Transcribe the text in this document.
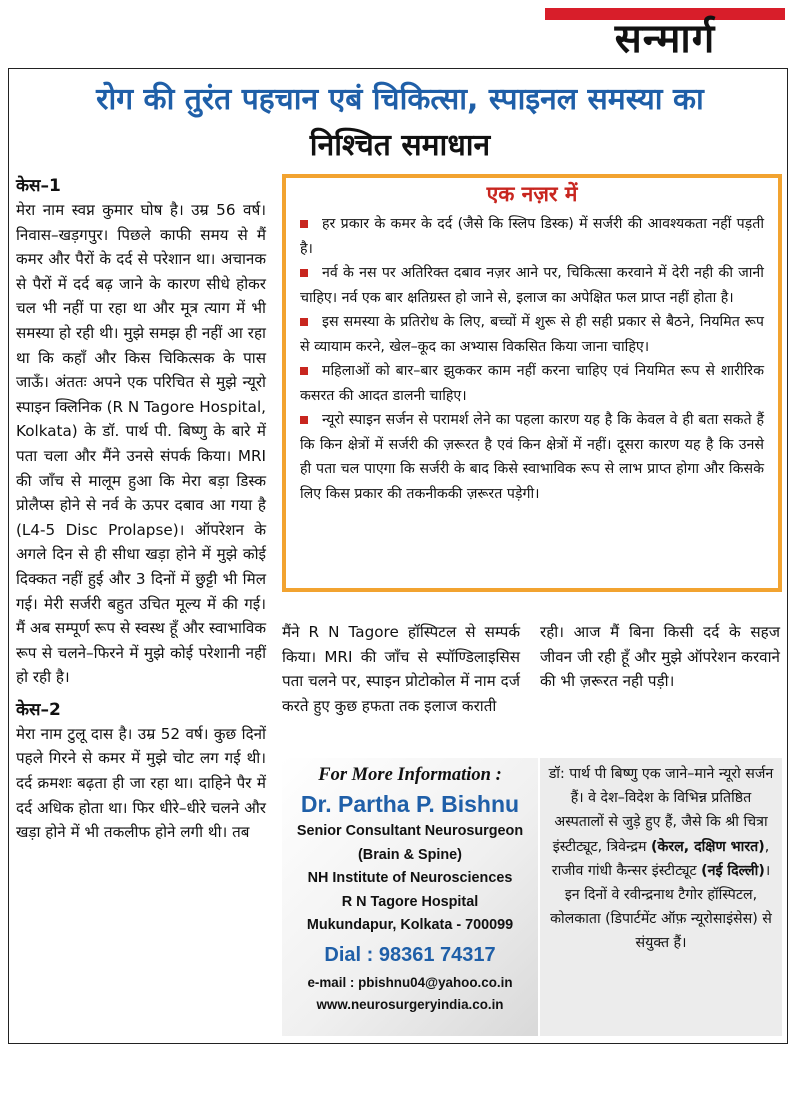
सन्मार्ग
रोग की तुरंत पहचान एबं चिकित्सा, स्पाइनल समस्या का
निश्चित समाधान

केस–1

मेरा नाम स्वप्न कुमार घोष है। उम्र 56 वर्ष। निवास–खड़गपुर। पिछले काफी समय से मैं कमर और पैरों के दर्द से परेशान था। अचानक से पैरों में दर्द बढ़ जाने के कारण सीधे होकर चल भी नहीं पा रहा था और मूत्र त्याग में भी समस्या हो रही थी। मुझे समझ ही नहीं आ रहा था कि कहाँ और किस चिकित्सक के पास जाऊँ। अंततः अपने एक परिचित से मुझे न्यूरो स्पाइन क्लिनिक (R N Tagore Hospital, Kolkata) के डॉ. पार्थ पी. बिष्णु के बारे में पता चला और मैंने उनसे संपर्क किया। MRI की जाँच से मालूम हुआ कि मेरा बड़ा डिस्क प्रोलैप्स होने से नर्व के ऊपर दबाव आ गया है (L4-5 Disc Prolapse)। ऑपरेशन के अगले दिन से ही सीधा खड़ा होने में मुझे कोई दिक्कत नहीं हुई और 3 दिनों में छुट्टी भी मिल गई। मेरी सर्जरी बहुत उचित मूल्य में की गई। मैं अब सम्पूर्ण रूप से स्वस्थ हूँ और स्वाभाविक रूप से चलने–फिरने में मुझे कोई परेशानी नहीं हो रही है।

केस–2

मेरा नाम टुलू दास है। उम्र 52 वर्ष। कुछ दिनों पहले गिरने से कमर में मुझे चोट लग गई थी। दर्द क्रमशः बढ़ता ही जा रहा था। दाहिने पैर में दर्द अधिक होता था। फिर धीरे–धीरे चलने और खड़ा होने में भी तकलीफ होने लगी थी। तब

एक नज़र में
हर प्रकार के कमर के दर्द (जैसे कि स्लिप डिस्क) में सर्जरी की आवश्यकता नहीं पड़ती है।
नर्व के नस पर अतिरिक्त दबाव नज़र आने पर, चिकित्सा करवाने में देरी नही की जानी चाहिए। नर्व एक बार क्षतिग्रस्त हो जाने से, इलाज का अपेक्षित फल प्राप्त नहीं होता है।
इस समस्या के प्रतिरोध के लिए, बच्चों में शुरू से ही सही प्रकार से बैठने, नियमित रूप से व्यायाम करने, खेल–कूद का अभ्यास विकसित किया जाना चाहिए।
महिलाओं को बार–बार झुककर काम नहीं करना चाहिए एवं नियमित रूप से शारीरिक कसरत की आदत डालनी चाहिए।
न्यूरो स्पाइन सर्जन से परामर्श लेने का पहला कारण यह है कि केवल वे ही बता सकते हैं कि किन क्षेत्रों में सर्जरी की ज़रूरत है एवं किन क्षेत्रों में नहीं। दूसरा कारण यह है कि उनसे ही पता चल पाएगा कि सर्जरी के बाद किसे स्वाभाविक रूप से लाभ प्राप्त होगा और किसके लिए किस प्रकार की तकनीककी ज़रूरत पड़ेगी।

मैंने R N Tagore हॉस्पिटल से सम्पर्क किया। MRI की जाँच से स्पॉण्डिलाइसिस पता चलने पर, स्पाइन प्रोटोकोल में नाम दर्ज करते हुए कुछ हफता तक इलाज कराती

रही। आज मैं बिना किसी दर्द के सहज जीवन जी रही हूँ और मुझे ऑपरेशन करवाने की भी ज़रूरत नही पड़ी।

For More Information :
Dr. Partha P. Bishnu
Senior Consultant Neurosurgeon
(Brain & Spine)
NH Institute of Neurosciences
R N Tagore Hospital
Mukundapur, Kolkata - 700099
Dial : 98361 74317
e-mail : pbishnu04@yahoo.co.in
www.neurosurgeryindia.co.in

डॉ: पार्थ पी बिष्णु एक जाने–माने न्यूरो सर्जन हैं। वे देश–विदेश के विभिन्न प्रतिष्ठित अस्पतालों से जुड़े हुए हैं, जैसे कि श्री चित्रा इंस्टीट्यूट, त्रिवेन्द्रम (केरल, दक्षिण भारत), राजीव गांधी कैन्सर इंस्टीट्यूट (नई दिल्ली)। इन दिनों वे रवीन्द्रनाथ टैगोर हॉस्पिटल, कोलकाता (डिपार्टमेंट ऑफ़ न्यूरोसाइंसेस) से संयुक्त हैं।
